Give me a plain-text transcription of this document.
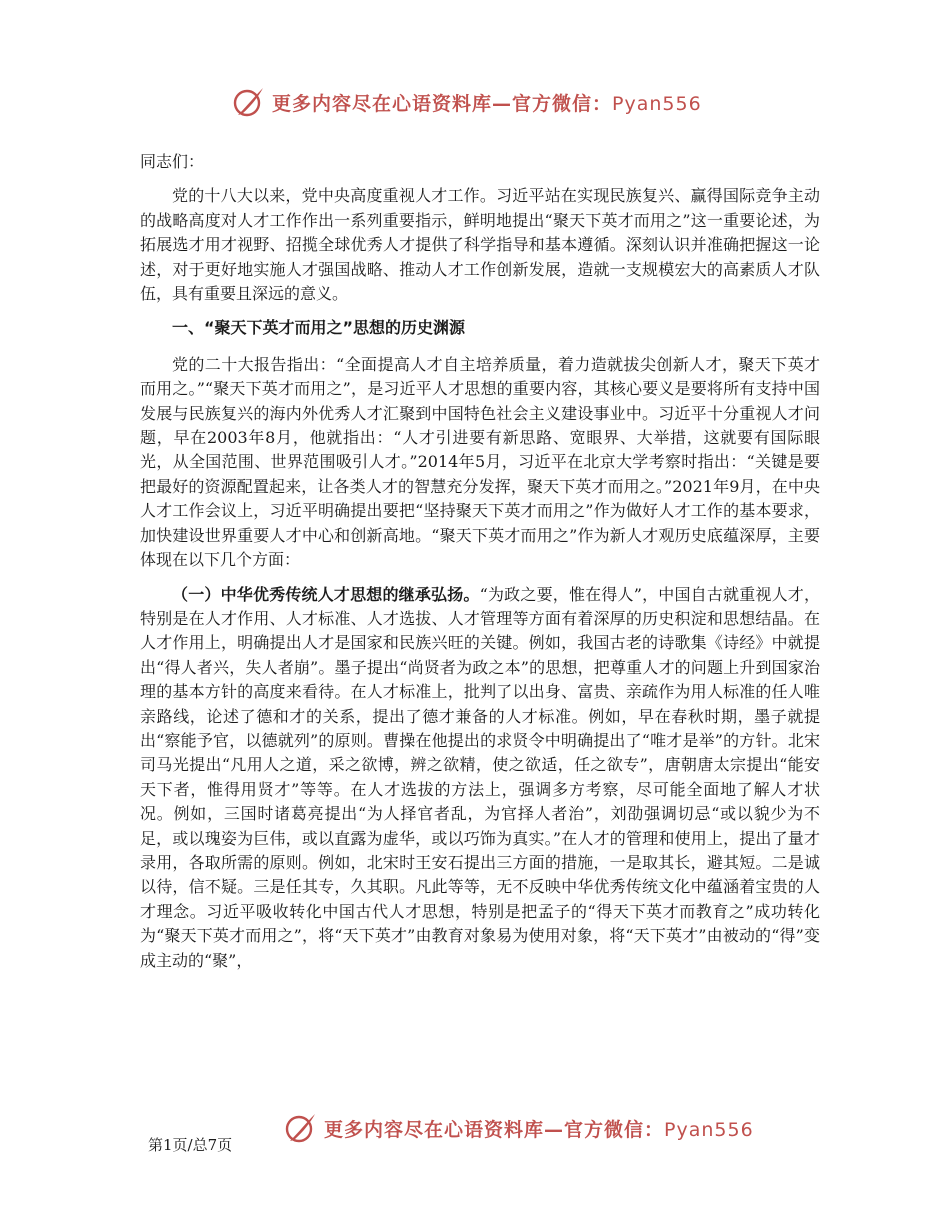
更多内容尽在心语资料库—官方微信：Pyan556

同志们：

党的十八大以来，党中央高度重视人才工作。习近平站在实现民族复兴、赢得国际竞争主动的战略高度对人才工作作出一系列重要指示，鲜明地提出“聚天下英才而用之”这一重要论述，为拓展选才用才视野、招揽全球优秀人才提供了科学指导和基本遵循。深刻认识并准确把握这一论述，对于更好地实施人才强国战略、推动人才工作创新发展，造就一支规模宏大的高素质人才队伍，具有重要且深远的意义。

一、“聚天下英才而用之”思想的历史渊源

党的二十大报告指出：“全面提高人才自主培养质量，着力造就拔尖创新人才，聚天下英才而用之。”“聚天下英才而用之”，是习近平人才思想的重要内容，其核心要义是要将所有支持中国发展与民族复兴的海内外优秀人才汇聚到中国特色社会主义建设事业中。习近平十分重视人才问题，早在2003年8月，他就指出：“人才引进要有新思路、宽眼界、大举措，这就要有国际眼光，从全国范围、世界范围吸引人才。”2014年5月，习近平在北京大学考察时指出：“关键是要把最好的资源配置起来，让各类人才的智慧充分发挥，聚天下英才而用之。”2021年9月，在中央人才工作会议上，习近平明确提出要把“坚持聚天下英才而用之”作为做好人才工作的基本要求，加快建设世界重要人才中心和创新高地。“聚天下英才而用之”作为新人才观历史底蕴深厚，主要体现在以下几个方面：

（一）中华优秀传统人才思想的继承弘扬。“为政之要，惟在得人”，中国自古就重视人才，特别是在人才作用、人才标准、人才选拔、人才管理等方面有着深厚的历史积淀和思想结晶。在人才作用上，明确提出人才是国家和民族兴旺的关键。例如，我国古老的诗歌集《诗经》中就提出“得人者兴，失人者崩”。墨子提出“尚贤者为政之本”的思想，把尊重人才的问题上升到国家治理的基本方针的高度来看待。在人才标准上，批判了以出身、富贵、亲疏作为用人标准的任人唯亲路线，论述了德和才的关系，提出了德才兼备的人才标准。例如，早在春秋时期，墨子就提出“察能予官，以德就列”的原则。曹操在他提出的求贤令中明确提出了“唯才是举”的方针。北宋司马光提出“凡用人之道，采之欲博，辨之欲精，使之欲适，任之欲专”，唐朝唐太宗提出“能安天下者，惟得用贤才”等等。在人才选拔的方法上，强调多方考察，尽可能全面地了解人才状况。例如，三国时诸葛亮提出“为人择官者乱，为官择人者治”，刘劭强调切忌“或以貌少为不足，或以瑰姿为巨伟，或以直露为虚华，或以巧饰为真实。”在人才的管理和使用上，提出了量才录用，各取所需的原则。例如，北宋时王安石提出三方面的措施，一是取其长，避其短。二是诚以待，信不疑。三是任其专，久其职。凡此等等，无不反映中华优秀传统文化中蕴涵着宝贵的人才理念。习近平吸收转化中国古代人才思想，特别是把孟子的“得天下英才而教育之”成功转化为“聚天下英才而用之”，将“天下英才”由教育对象易为使用对象，将“天下英才”由被动的“得”变成主动的“聚”，

更多内容尽在心语资料库—官方微信：Pyan556
第1页/总7页
